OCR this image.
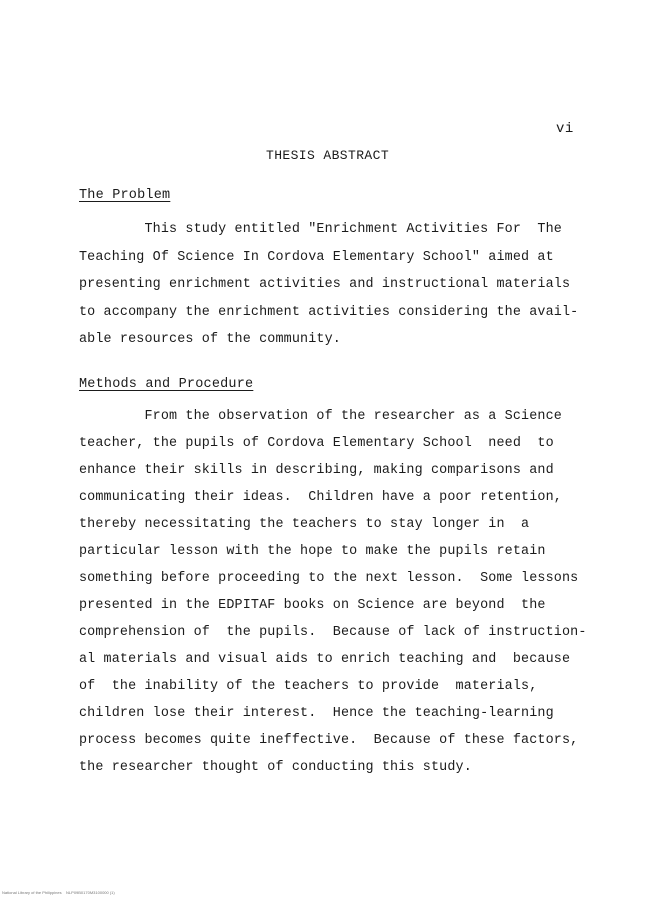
vi
THESIS ABSTRACT
The Problem
This study entitled "Enrichment Activities For  The
Teaching Of Science In Cordova Elementary School" aimed at
presenting enrichment activities and instructional materials
to accompany the enrichment activities considering the avail-
able resources of the community.
Methods and Procedure
From the observation of the researcher as a Science
teacher, the pupils of Cordova Elementary School  need  to
enhance their skills in describing, making comparisons and
communicating their ideas.  Children have a poor retention,
thereby necessitating the teachers to stay longer in  a
particular lesson with the hope to make the pupils retain
something before proceeding to the next lesson.  Some lessons
presented in the EDPITAF books on Science are beyond  the
comprehension of  the pupils.  Because of lack of instruction-
al materials and visual aids to enrich teaching and  because
of  the inability of the teachers to provide  materials,
children lose their interest.  Hence the teaching-learning
process becomes quite ineffective.  Because of these factors,
the researcher thought of conducting this study.
National Library of the Philippines    NLP09B0170M3100000 (1)
